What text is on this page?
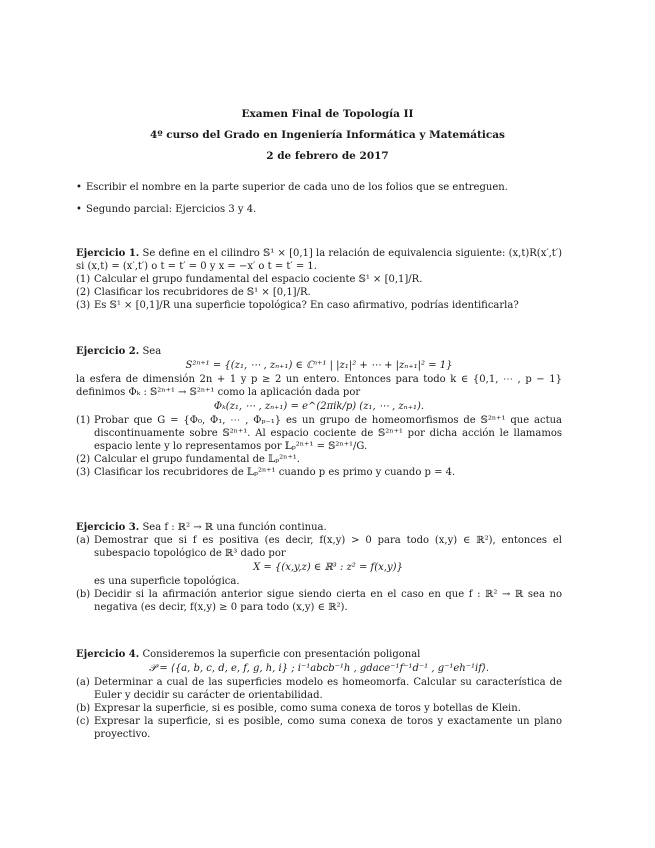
Examen Final de Topología II
4º curso del Grado en Ingeniería Informática y Matemáticas
2 de febrero de 2017
• Escribir el nombre en la parte superior de cada uno de los folios que se entreguen.
• Segundo parcial: Ejercicios 3 y 4.

Ejercicio 1. Se define en el cilindro 𝕊¹ × [0,1] la relación de equivalencia siguiente: (x,t)R(x′,t′) si (x,t) = (x′,t′) o t = t′ = 0 y x = −x′ o t = t′ = 1.

(1) Calcular el grupo fundamental del espacio cociente 𝕊¹ × [0,1]/R.
(2) Clasificar los recubridores de 𝕊¹ × [0,1]/R.
(3) Es 𝕊¹ × [0,1]/R una superficie topológica? En caso afirmativo, podrías identificarla?

Ejercicio 2. Sea

S²ⁿ⁺¹ = {(z₁, ⋯ , zₙ₊₁) ∈ ℂⁿ⁺¹ | |z₁|² + ⋯ + |zₙ₊₁|² = 1}

la esfera de dimensión 2n + 1 y p ≥ 2 un entero. Entonces para todo k ∈ {0,1, ⋯ , p − 1} definimos Φₖ : 𝕊²ⁿ⁺¹ → 𝕊²ⁿ⁺¹ como la aplicación dada por

Φₖ(z₁, ⋯ , zₙ₊₁) = e^(2πik/p) (z₁, ⋯ , zₙ₊₁).
(1) Probar que G = {Φ₀, Φ₁, ⋯ , Φₚ₋₁} es un grupo de homeomorfismos de 𝕊²ⁿ⁺¹ que actua discontinuamente sobre 𝕊²ⁿ⁺¹. Al espacio cociente de 𝕊²ⁿ⁺¹ por dicha acción le llamamos espacio lente y lo representamos por 𝕃ₚ²ⁿ⁺¹ = 𝕊²ⁿ⁺¹/G.
(2) Calcular el grupo fundamental de 𝕃ₚ²ⁿ⁺¹.
(3) Clasificar los recubridores de 𝕃ₚ²ⁿ⁺¹ cuando p es primo y cuando p = 4.

Ejercicio 3. Sea f : ℝ² → ℝ una función continua.

(a) Demostrar que si f es positiva (es decir, f(x,y) > 0 para todo (x,y) ∈ ℝ²), entonces el subespacio topológico de ℝ³ dado por
X = {(x,y,z) ∈ ℝ³ : z² = f(x,y)}
es una superficie topológica.
(b) Decidir si la afirmación anterior sigue siendo cierta en el caso en que f : ℝ² → ℝ sea no negativa (es decir, f(x,y) ≥ 0 para todo (x,y) ∈ ℝ²).

Ejercicio 4. Consideremos la superficie con presentación poligonal

𝒫 = ⟨{a, b, c, d, e, f, g, h, i} ; i⁻¹abcb⁻¹h , gdace⁻¹f⁻¹d⁻¹ , g⁻¹eh⁻¹if⟩.
(a) Determinar a cual de las superficies modelo es homeomorfa. Calcular su característica de Euler y decidir su carácter de orientabilidad.
(b) Expresar la superficie, si es posible, como suma conexa de toros y botellas de Klein.
(c) Expresar la superficie, si es posible, como suma conexa de toros y exactamente un plano proyectivo.
